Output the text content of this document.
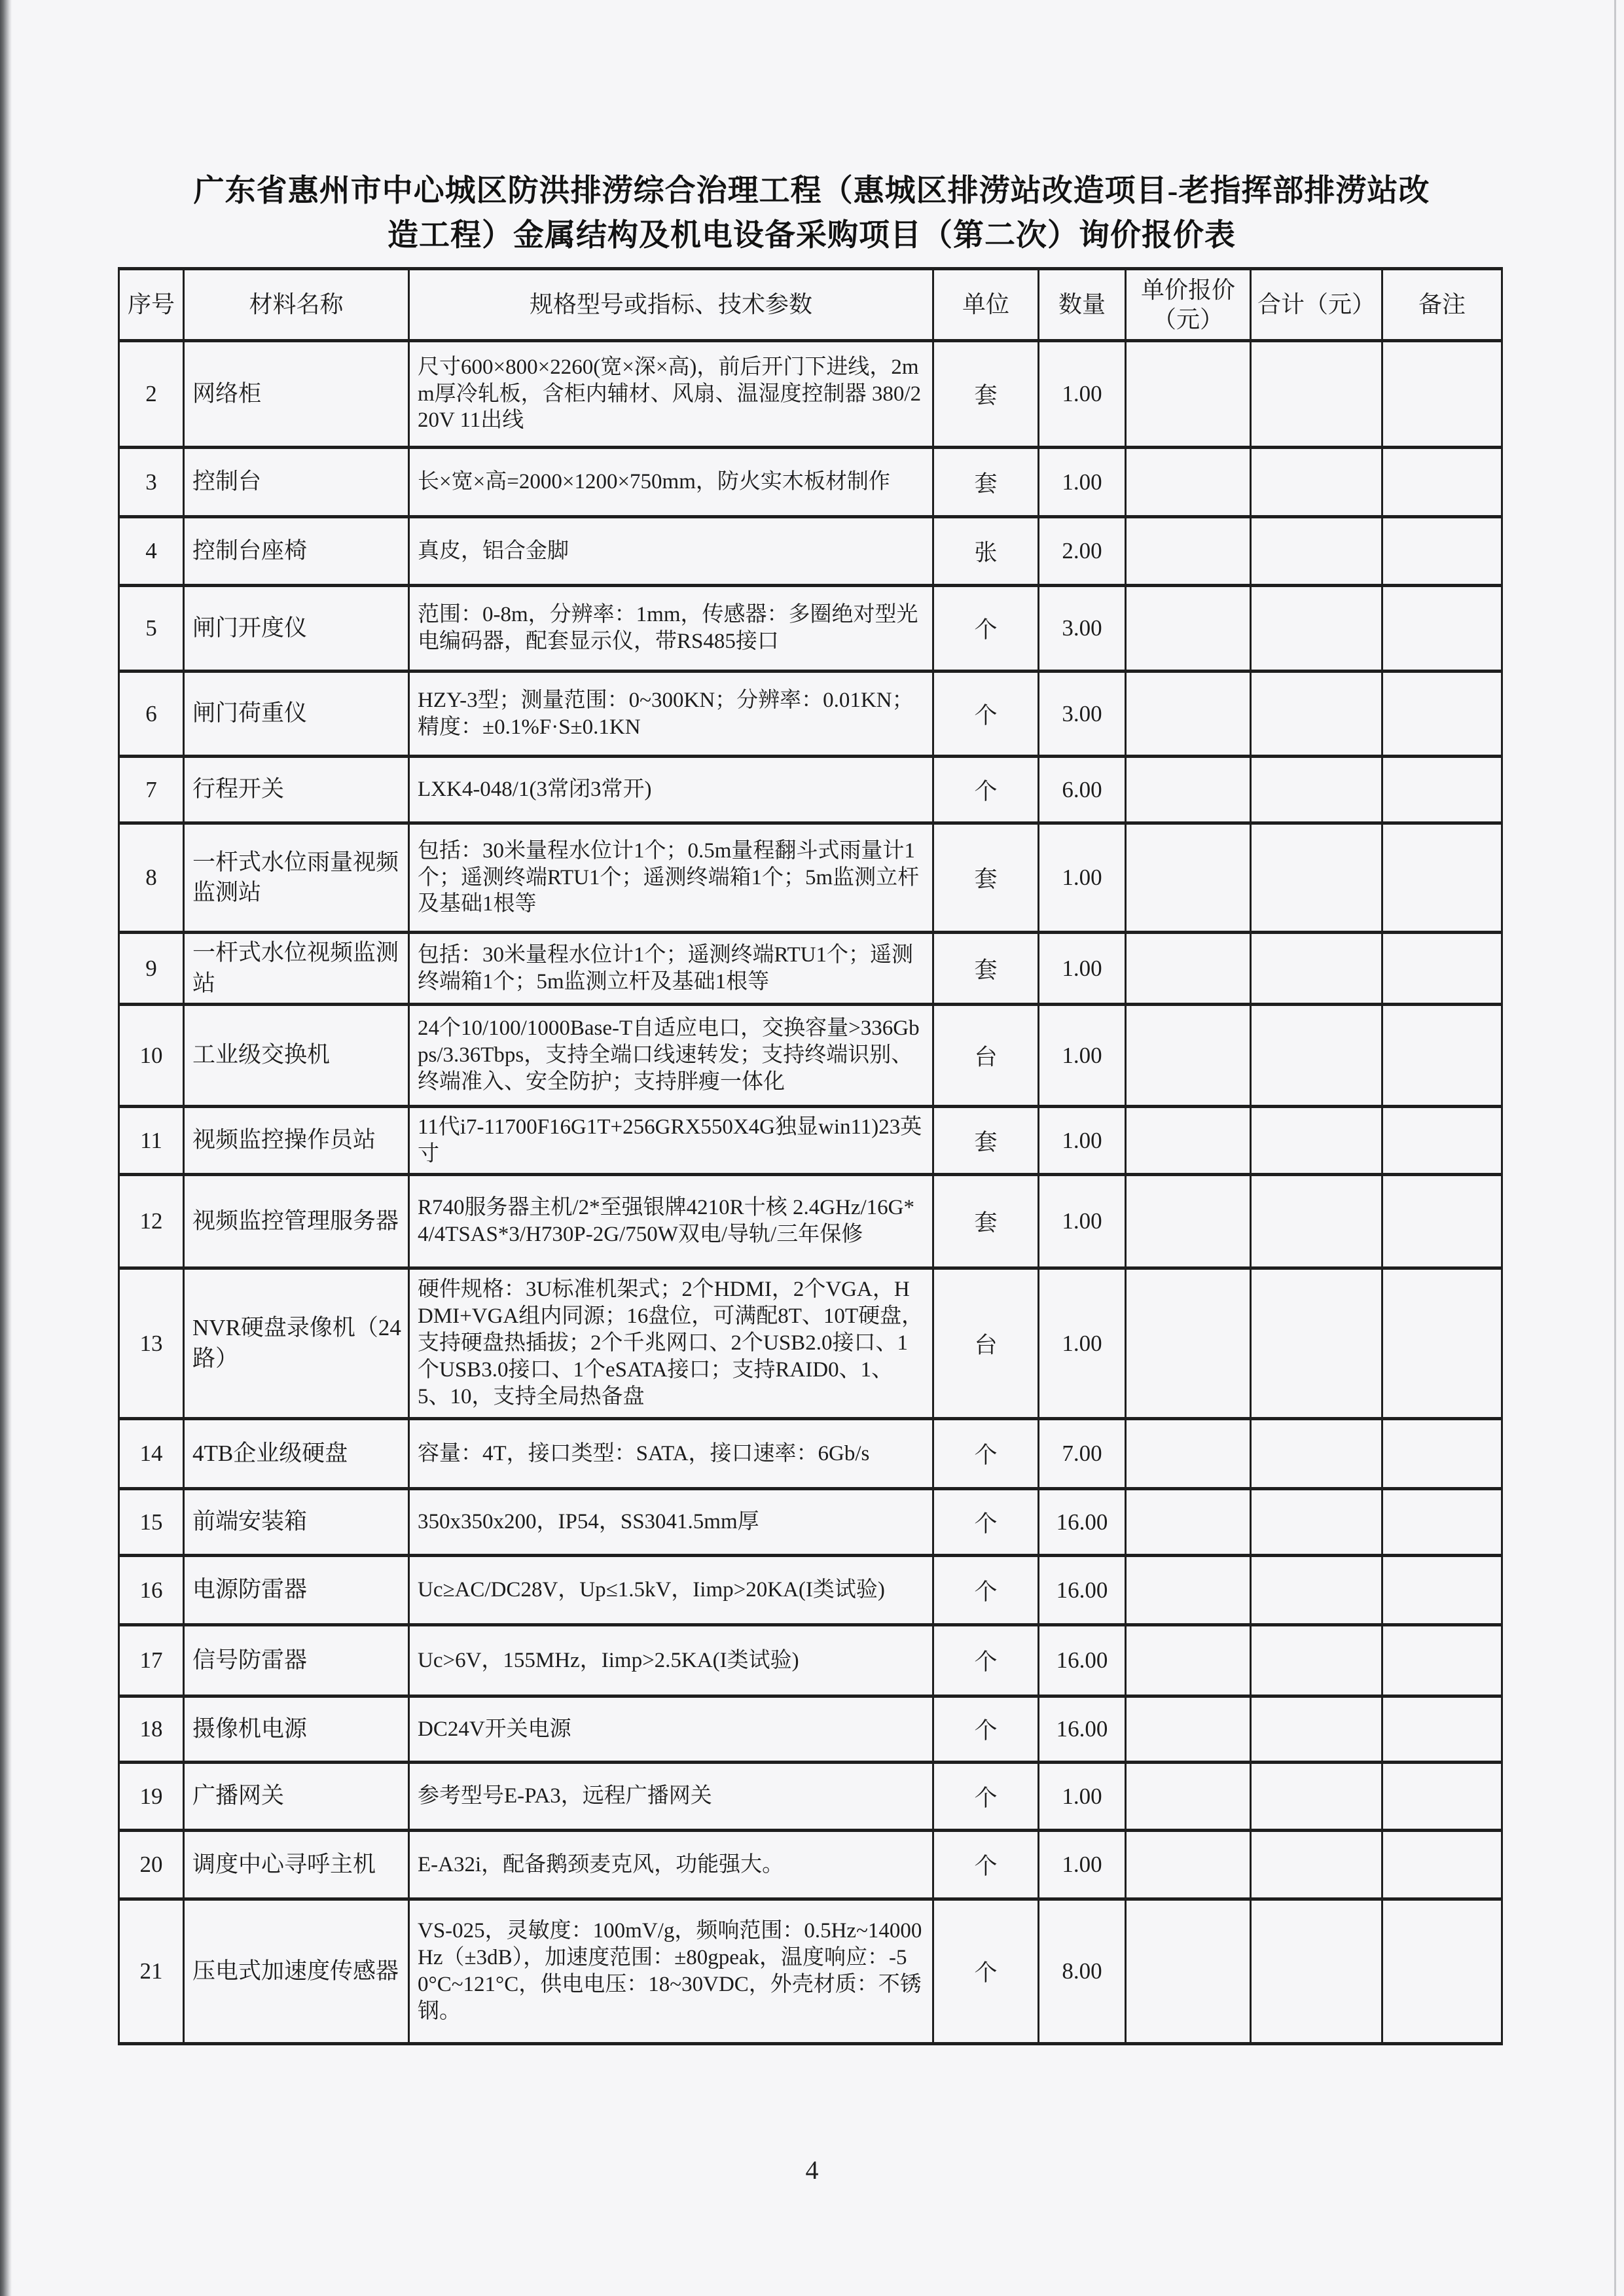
广东省惠州市中心城区防洪排涝综合治理工程（惠城区排涝站改造项目-老指挥部排涝站改
造工程）金属结构及机电设备采购项目（第二次）询价报价表
序号	材料名称	规格型号或指标、技术参数	单位	数量	单价报价（元）	合计（元）	备注
2	网络柜	尺寸600×800×2260(宽×深×高)，前后开门下进线，2mm厚冷轧板，含柜内辅材、风扇、温湿度控制器 380/220V 11出线	套	1.00			
3	控制台	长×宽×高=2000×1200×750mm，防火实木板材制作	套	1.00			
4	控制台座椅	真皮，铝合金脚	张	2.00			
5	闸门开度仪	范围：0-8m，分辨率：1mm，传感器：多圈绝对型光电编码器，配套显示仪，带RS485接口	个	3.00			
6	闸门荷重仪	HZY-3型；测量范围：0~300KN；分辨率：0.01KN；精度：±0.1%F·S±0.1KN	个	3.00			
7	行程开关	LXK4-048/1(3常闭3常开)	个	6.00			
8	一杆式水位雨量视频监测站	包括：30米量程水位计1个；0.5m量程翻斗式雨量计1个；遥测终端RTU1个；遥测终端箱1个；5m监测立杆及基础1根等	套	1.00			
9	一杆式水位视频监测站	包括：30米量程水位计1个；遥测终端RTU1个；遥测终端箱1个；5m监测立杆及基础1根等	套	1.00			
10	工业级交换机	24个10/100/1000Base-T自适应电口，交换容量>336Gbps/3.36Tbps，支持全端口线速转发；支持终端识别、终端准入、安全防护；支持胖瘦一体化	台	1.00			
11	视频监控操作员站	11代i7-11700F16G1T+256GRX550X4G独显win11)23英寸	套	1.00			
12	视频监控管理服务器	R740服务器主机/2*至强银牌4210R十核 2.4GHz/16G*4/4TSAS*3/H730P-2G/750W双电/导轨/三年保修	套	1.00			
13	NVR硬盘录像机（24路）	硬件规格：3U标准机架式；2个HDMI，2个VGA，HDMI+VGA组内同源；16盘位，可满配8T、10T硬盘，支持硬盘热插拔；2个千兆网口、2个USB2.0接口、1个USB3.0接口、1个eSATA接口；支持RAID0、1、5、10，支持全局热备盘	台	1.00			
14	4TB企业级硬盘	容量：4T，接口类型：SATA，接口速率：6Gb/s	个	7.00			
15	前端安装箱	350x350x200，IP54，SS3041.5mm厚	个	16.00			
16	电源防雷器	Uc≥AC/DC28V，Up≤1.5kV，Iimp>20KA(I类试验)	个	16.00			
17	信号防雷器	Uc>6V，155MHz，Iimp>2.5KA(I类试验)	个	16.00			
18	摄像机电源	DC24V开关电源	个	16.00			
19	广播网关	参考型号E-PA3，远程广播网关	个	1.00			
20	调度中心寻呼主机	E-A32i，配备鹅颈麦克风，功能强大。	个	1.00			
21	压电式加速度传感器	VS-025，灵敏度：100mV/g，频响范围：0.5Hz~14000Hz（±3dB），加速度范围：±80gpeak，温度响应：-50°C~121°C，供电电压：18~30VDC，外壳材质：不锈钢。	个	8.00			
4
